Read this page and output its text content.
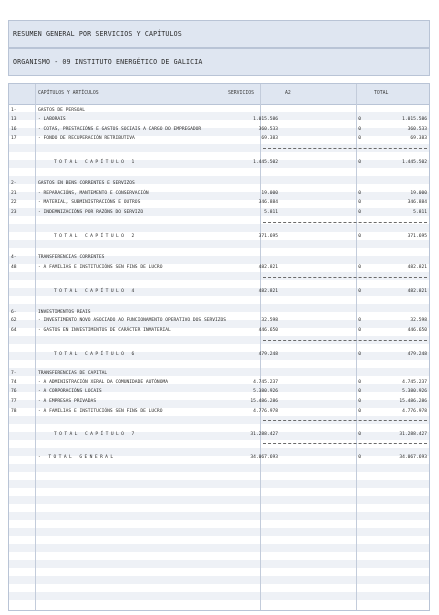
RESUMEN GENERAL POR SERVICIOS Y CAPÍTULOS
ORGANISMO - 09 INSTITUTO ENERGÉTICO DE GALICIA
CAPÍTULOS Y ARTÍCULOS	SERVICIOS	A2	TOTAL
1-	GASTOS DE PERSOAL
13	- LABORAIS	1.015.586	0	1.015.586
16	- COTAS, PRESTACIÓNS E GASTOS SOCIAIS A CARGO DO EMPREGADOR	360.533	0	360.533
17	- FONDO DE RECUPERACIÓN RETRIBUTIVA	69.383	0	69.383
TOTAL CAPÍTULO 1	1.445.502	0	1.445.502
2-	GASTOS EN BENS CORRENTES E SERVIZOS
21	- REPARACIÓNS, MANTEMENTO E CONSERVACIÓN	19.000	0	19.000
22	- MATERIAL, SUBMINISTRACIÓNS E OUTROS	346.884	0	346.884
23	- INDEMNIZACIÓNS POR RAZÓNS DO SERVIZO	5.811	0	5.811
TOTAL CAPÍTULO 2	371.695	0	371.695
4-	TRANSFERENCIAS CORRENTES
48	- A FAMILIAS E INSTITUCIÓNS SEN FINS DE LUCRO	482.821	0	482.821
TOTAL CAPÍTULO 4	482.821	0	482.821
6-	INVESTIMENTOS REAIS
62	- INVESTIMENTO NOVO ASOCIADO AO FUNCIONAMENTO OPERATIVO DOS SERVIZOS	32.598	0	32.598
64	- GASTOS EN INVESTIMENTOS DE CARÁCTER INMATERIAL	446.650	0	446.650
TOTAL CAPÍTULO 6	479.248	0	479.248
7-	TRANSFERENCIAS DE CAPITAL
74	- A ADMINISTRACIÓN XERAL DA COMUNIDADE AUTÓNOMA	4.745.237	0	4.745.237
76	- A CORPORACIÓNS LOCAIS	5.380.926	0	5.380.926
77	- A EMPRESAS PRIVADAS	15.486.286	0	15.486.286
78	- A FAMILIAS E INSTITUCIÓNS SEN FINS DE LUCRO	4.776.978	0	4.776.978
TOTAL CAPÍTULO 7	31.288.427	0	31.288.427
- TOTAL GENERAL	34.067.693	0	34.067.693
